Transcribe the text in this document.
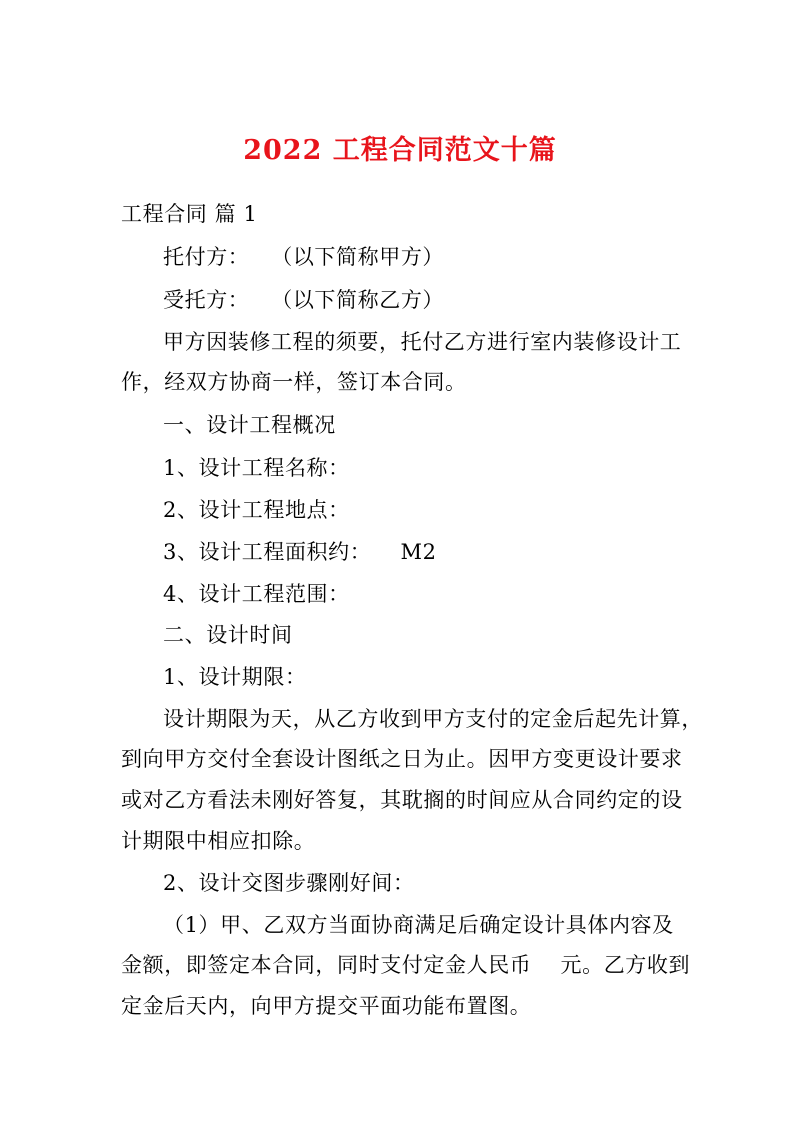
2022 工程合同范文十篇
工程合同 篇 1
托付方：   （以下简称甲方）
受托方：   （以下简称乙方）
甲方因装修工程的须要，托付乙方进行室内装修设计工
作，经双方协商一样，签订本合同。
一、设计工程概况
1、设计工程名称：
2、设计工程地点：
3、设计工程面积约：    M2
4、设计工程范围：
二、设计时间
1、设计期限：
设计期限为天，从乙方收到甲方支付的定金后起先计算，
到向甲方交付全套设计图纸之日为止。因甲方变更设计要求
或对乙方看法未刚好答复，其耽搁的时间应从合同约定的设
计期限中相应扣除。
2、设计交图步骤刚好间：
（1）甲、乙双方当面协商满足后确定设计具体内容及
金额，即签定本合同，同时支付定金人民币    元。乙方收到
定金后天内，向甲方提交平面功能布置图。
